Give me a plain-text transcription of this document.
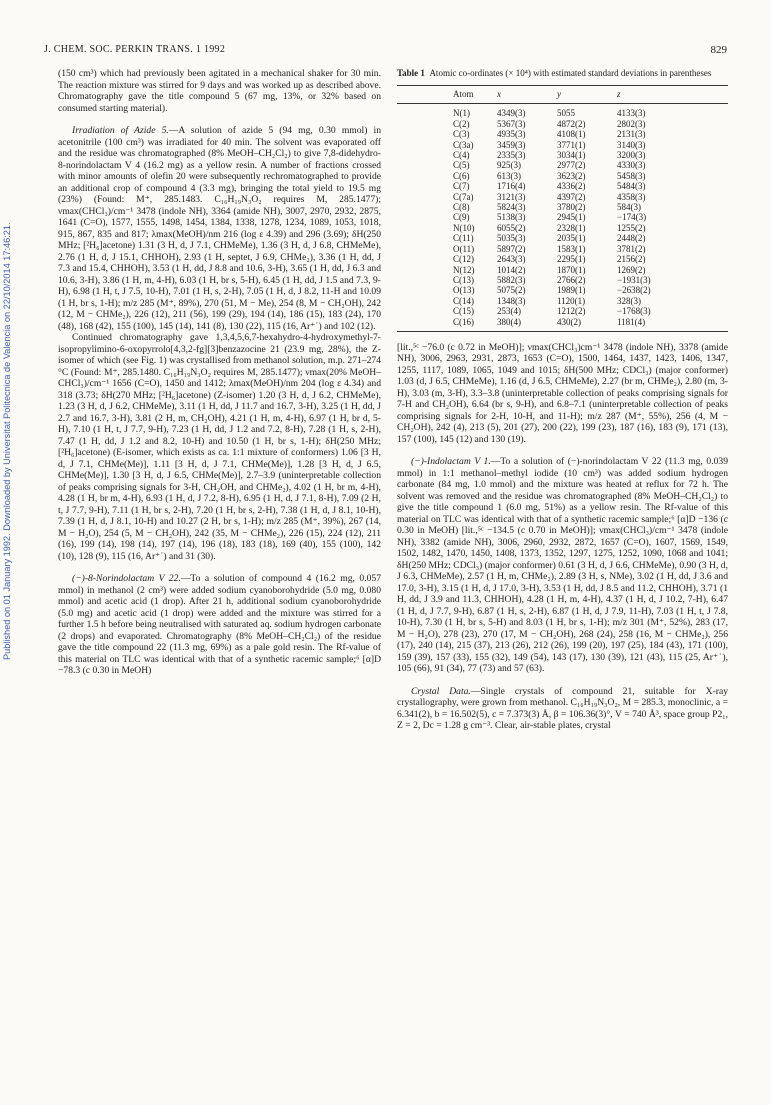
J. CHEM. SOC. PERKIN TRANS. 1 1992	829
Published on 01 January 1992. Downloaded by Universitat Politecnica de Valencia on 22/10/2014 17:46:21.

(150 cm³) which had previously been agitated in a mechanical shaker for 30 min. The reaction mixture was stirred for 9 days and was worked up as described above. Chromatography gave the title compound 5 (67 mg, 13%, or 32% based on consumed starting material).

Irradiation of Azide 5.—A solution of azide 5 (94 mg, 0.30 mmol) in acetonitrile (100 cm³) was irradiated for 40 min. The solvent was evaporated off and the residue was chromatographed (8% MeOH–CH₂Cl₂) to give 7,8-didehydro-8-norindolactam V 4 (16.2 mg) as a yellow resin. A number of fractions crossed with minor amounts of olefin 20 were subsequently rechromatographed to provide an additional crop of compound 4 (3.3 mg), bringing the total yield to 19.5 mg (23%) (Found: M⁺, 285.1483. C₁₆H₁₉N₃O₂ requires M, 285.1477); νmax(CHCl₃)/cm⁻¹ 3478 (indole NH), 3364 (amide NH), 3007, 2970, 2932, 2875, 1641 (C=O), 1577, 1555, 1498, 1454, 1384, 1338, 1278, 1234, 1089, 1053, 1018, 915, 867, 835 and 817; λmax(MeOH)/nm 216 (log ε 4.39) and 296 (3.69); δH(250 MHz; [²H₆]acetone) 1.31 (3 H, d, J 7.1, CHMeMe), 1.36 (3 H, d, J 6.8, CHMeMe), 2.76 (1 H, d, J 15.1, CHHOH), 2.93 (1 H, septet, J 6.9, CHMe₂), 3.36 (1 H, dd, J 7.3 and 15.4, CHHOH), 3.53 (1 H, dd, J 8.8 and 10.6, 3-H), 3.65 (1 H, dd, J 6.3 and 10.6, 3-H), 3.86 (1 H, m, 4-H), 6.03 (1 H, br s, 5-H), 6.45 (1 H, dd, J 1.5 and 7.3, 9-H), 6.98 (1 H, t, J 7.5, 10-H), 7.01 (1 H, s, 2-H), 7.05 (1 H, d, J 8.2, 11-H and 10.09 (1 H, br s, 1-H); m/z 285 (M⁺, 89%), 270 (51, M − Me), 254 (8, M − CH₂OH), 242 (12, M − CHMe₂), 226 (12), 211 (56), 199 (29), 194 (14), 186 (15), 183 (24), 170 (48), 168 (42), 155 (100), 145 (14), 141 (8), 130 (22), 115 (16, Ar⁺˙) and 102 (12).

Continued chromatography gave 1,3,4,5,6,7-hexahydro-4-hydroxymethyl-7-isopropylimino-6-oxopyrrolo[4,3,2-fg][3]benzazocine 21 (23.9 mg, 28%), the Z-isomer of which (see Fig. 1) was crystallised from methanol solution, m.p. 271–274 °C (Found: M⁺, 285.1480. C₁₆H₁₉N₃O₂ requires M, 285.1477); νmax(20% MeOH–CHCl₃)/cm⁻¹ 1656 (C=O), 1450 and 1412; λmax(MeOH)/nm 204 (log ε 4.34) and 318 (3.73; δH(270 MHz; [²H₆]acetone) (Z-isomer) 1.20 (3 H, d, J 6.2, CHMeMe), 1.23 (3 H, d, J 6.2, CHMeMe), 3.11 (1 H, dd, J 11.7 and 16.7, 3-H), 3.25 (1 H, dd, J 2.7 and 16.7, 3-H), 3.81 (2 H, m, CH₂OH), 4.21 (1 H, m, 4-H), 6.97 (1 H, br d, 5-H), 7.10 (1 H, t, J 7.7, 9-H), 7.23 (1 H, dd, J 1.2 and 7.2, 8-H), 7.28 (1 H, s, 2-H), 7.47 (1 H, dd, J 1.2 and 8.2, 10-H) and 10.50 (1 H, br s, 1-H); δH(250 MHz; [²H₆]acetone) (E-isomer, which exists as ca. 1:1 mixture of conformers) 1.06 [3 H, d, J 7.1, CHMe(Me)], 1.11 [3 H, d, J 7.1, CHMe(Me)], 1.28 [3 H, d, J 6.5, CHMe(Me)], 1.30 [3 H, d, J 6.5, CHMe(Me)], 2.7–3.9 (uninterpretable collection of peaks comprising signals for 3-H, CH₂OH, and CHMe₂), 4.02 (1 H, br m, 4-H), 4.28 (1 H, br m, 4-H), 6.93 (1 H, d, J 7.2, 8-H), 6.95 (1 H, d, J 7.1, 8-H), 7.09 (2 H, t, J 7.7, 9-H), 7.11 (1 H, br s, 2-H), 7.20 (1 H, br s, 2-H), 7.38 (1 H, d, J 8.1, 10-H), 7.39 (1 H, d, J 8.1, 10-H) and 10.27 (2 H, br s, 1-H); m/z 285 (M⁺, 39%), 267 (14, M − H₂O), 254 (5, M − CH₂OH), 242 (35, M − CHMe₂), 226 (15), 224 (12), 211 (16), 199 (14), 198 (14), 197 (14), 196 (18), 183 (18), 169 (40), 155 (100), 142 (10), 128 (9), 115 (16, Ar⁺˙) and 31 (30).

(−)-8-Norindolactam V 22.—To a solution of compound 4 (16.2 mg, 0.057 mmol) in methanol (2 cm³) were added sodium cyanoborohydride (5.0 mg, 0.080 mmol) and acetic acid (1 drop). After 21 h, additional sodium cyanoborohydride (5.0 mg) and acetic acid (1 drop) were added and the mixture was stirred for a further 1.5 h before being neutralised with saturated aq. sodium hydrogen carbonate (2 drops) and evaporated. Chromatography (8% MeOH–CH₂Cl₂) of the residue gave the title compound 22 (11.3 mg, 69%) as a pale gold resin. The Rf-value of this material on TLC was identical with that of a synthetic racemic sample;⁶ [α]D −78.3 (c 0.30 in MeOH)

Table 1 Atomic co-ordinates (× 10⁴) with estimated standard deviations in parentheses
Atom	x	y	z
N(1)	4349(3)	5055	4133(3)
C(2)	5367(3)	4872(2)	2802(3)
C(3)	4935(3)	4108(1)	2131(3)
C(3a)	3459(3)	3771(1)	3140(3)
C(4)	2335(3)	3034(1)	3200(3)
C(5)	925(3)	2977(2)	4330(3)
C(6)	613(3)	3623(2)	5458(3)
C(7)	1716(4)	4336(2)	5484(3)
C(7a)	3121(3)	4397(2)	4358(3)
C(8)	5824(3)	3780(2)	584(3)
C(9)	5138(3)	2945(1)	−174(3)
N(10)	6055(2)	2328(1)	1255(2)
C(11)	5035(3)	2035(1)	2448(2)
O(11)	5897(2)	1583(1)	3781(2)
C(12)	2643(3)	2295(1)	2156(2)
N(12)	1014(2)	1870(1)	1269(2)
C(13)	5882(3)	2766(2)	−1931(3)
O(13)	5075(2)	1989(1)	−2638(2)
C(14)	1348(3)	1120(1)	328(3)
C(15)	253(4)	1212(2)	−1768(3)
C(16)	380(4)	430(2)	1181(4)

[lit.,⁵ᶜ −76.0 (c 0.72 in MeOH)]; νmax(CHCl₃)cm⁻¹ 3478 (indole NH), 3378 (amide NH), 3006, 2963, 2931, 2873, 1653 (C=O), 1500, 1464, 1437, 1423, 1406, 1347, 1255, 1117, 1089, 1065, 1049 and 1015; δH(500 MHz; CDCl₃) (major conformer) 1.03 (d, J 6.5, CHMeMe), 1.16 (d, J 6.5, CHMeMe), 2.27 (br m, CHMe₂), 2.80 (m, 3-H), 3.03 (m, 3-H), 3.3–3.8 (uninterpretable collection of peaks comprising signals for 7-H and CH₂OH), 6.64 (br s, 9-H), and 6.8–7.1 (uninterpretable collection of peaks comprising signals for 2-H, 10-H, and 11-H); m/z 287 (M⁺, 55%), 256 (4, M − CH₂OH), 242 (4), 213 (5), 201 (27), 200 (22), 199 (23), 187 (16), 183 (9), 171 (13), 157 (100), 145 (12) and 130 (19).

(−)-Indolactam V 1.—To a solution of (−)-norindolactam V 22 (11.3 mg, 0.039 mmol) in 1:1 methanol–methyl iodide (10 cm³) was added sodium hydrogen carbonate (84 mg, 1.0 mmol) and the mixture was heated at reflux for 72 h. The solvent was removed and the residue was chromatographed (8% MeOH–CH₂Cl₂) to give the title compound 1 (6.0 mg, 51%) as a yellow resin. The Rf-value of this material on TLC was identical with that of a synthetic racemic sample;⁶ [α]D −136 (c 0.30 in MeOH) [lit.,⁵ᶜ −134.5 (c 0.70 in MeOH)]; νmax(CHCl₃)/cm⁻¹ 3478 (indole NH), 3382 (amide NH), 3006, 2960, 2932, 2872, 1657 (C=O), 1607, 1569, 1549, 1502, 1482, 1470, 1450, 1408, 1373, 1352, 1297, 1275, 1252, 1090, 1068 and 1041; δH(250 MHz; CDCl₃) (major conformer) 0.61 (3 H, d, J 6.6, CHMeMe), 0.90 (3 H, d, J 6.3, CHMeMe), 2.57 (1 H, m, CHMe₂), 2.89 (3 H, s, NMe), 3.02 (1 H, dd, J 3.6 and 17.0, 3-H), 3.15 (1 H, d, J 17.0, 3-H), 3.53 (1 H, dd, J 8.5 and 11.2, CHHOH), 3.71 (1 H, dd, J 3.9 and 11.3, CHHOH), 4.28 (1 H, m, 4-H), 4.37 (1 H, d, J 10.2, 7-H), 6.47 (1 H, d, J 7.7, 9-H), 6.87 (1 H, s, 2-H), 6.87 (1 H, d, J 7.9, 11-H), 7.03 (1 H, t, J 7.8, 10-H), 7.30 (1 H, br s, 5-H) and 8.03 (1 H, br s, 1-H); m/z 301 (M⁺, 52%), 283 (17, M − H₂O), 278 (23), 270 (17, M − CH₂OH), 268 (24), 258 (16, M − CHMe₂), 256 (17), 240 (14), 215 (37), 213 (26), 212 (26), 199 (20), 197 (25), 184 (43), 171 (100), 159 (39), 157 (33), 155 (32), 149 (54), 143 (17), 130 (39), 121 (43), 115 (25, Ar⁺˙), 105 (66), 91 (34), 77 (73) and 57 (63).

Crystal Data.—Single crystals of compound 21, suitable for X-ray crystallography, were grown from methanol. C₁₆H₁₉N₃O₂, M = 285.3, monoclinic, a = 6.341(2), b = 16.502(5), c = 7.373(3) Å, β = 106.36(3)°, V = 740 Å³, space group P2₁, Z = 2, Dc = 1.28 g cm⁻³. Clear, air-stable plates, crystal
